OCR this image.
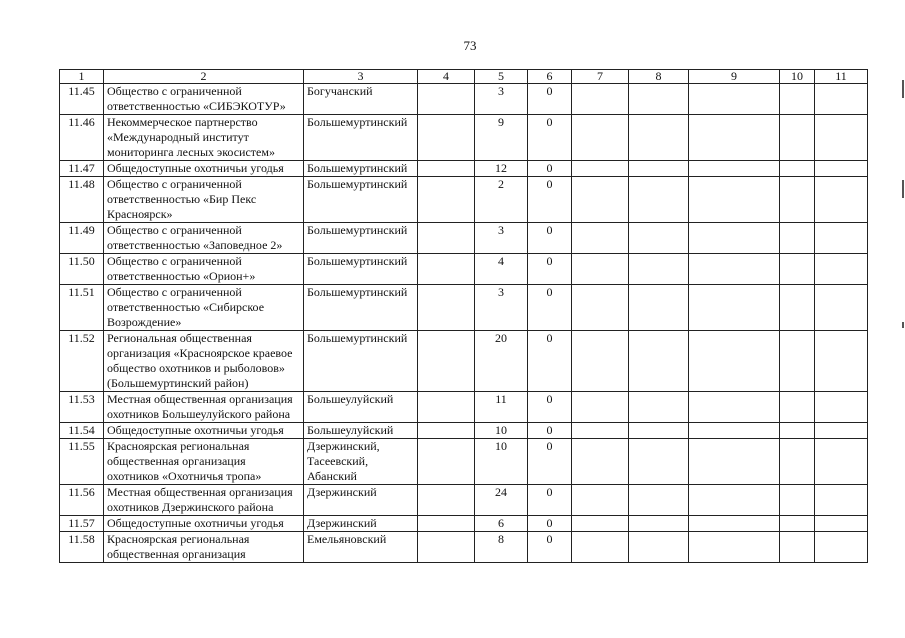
73
1	2	3	4	5	6	7	8	9	10	11
11.45	Общество с ограниченной ответственностью «СИБЭКОТУР»	Богучанский		3	0					
11.46	Некоммерческое партнерство «Международный институт мониторинга лесных экосистем»	Большемуртинский		9	0					
11.47	Общедоступные охотничьи угодья	Большемуртинский		12	0					
11.48	Общество с ограниченной ответственностью «Бир Пекс Красноярск»	Большемуртинский		2	0					
11.49	Общество с ограниченной ответственностью «Заповедное 2»	Большемуртинский		3	0					
11.50	Общество с ограниченной ответственностью «Орион+»	Большемуртинский		4	0					
11.51	Общество с ограниченной ответственностью «Сибирское Возрождение»	Большемуртинский		3	0					
11.52	Региональная общественная организация «Красноярское краевое общество охотников и рыболовов» (Большемуртинский район)	Большемуртинский		20	0					
11.53	Местная общественная организация охотников Большеулуйского района	Большеулуйский		11	0					
11.54	Общедоступные охотничьи угодья	Большеулуйский		10	0					
11.55	Красноярская региональная общественная организация охотников «Охотничья тропа»	Дзержинский, Тасеевский, Абанский		10	0					
11.56	Местная общественная организация охотников Дзержинского района	Дзержинский		24	0					
11.57	Общедоступные охотничьи угодья	Дзержинский		6	0					
11.58	Красноярская региональная общественная организация	Емельяновский		8	0					
